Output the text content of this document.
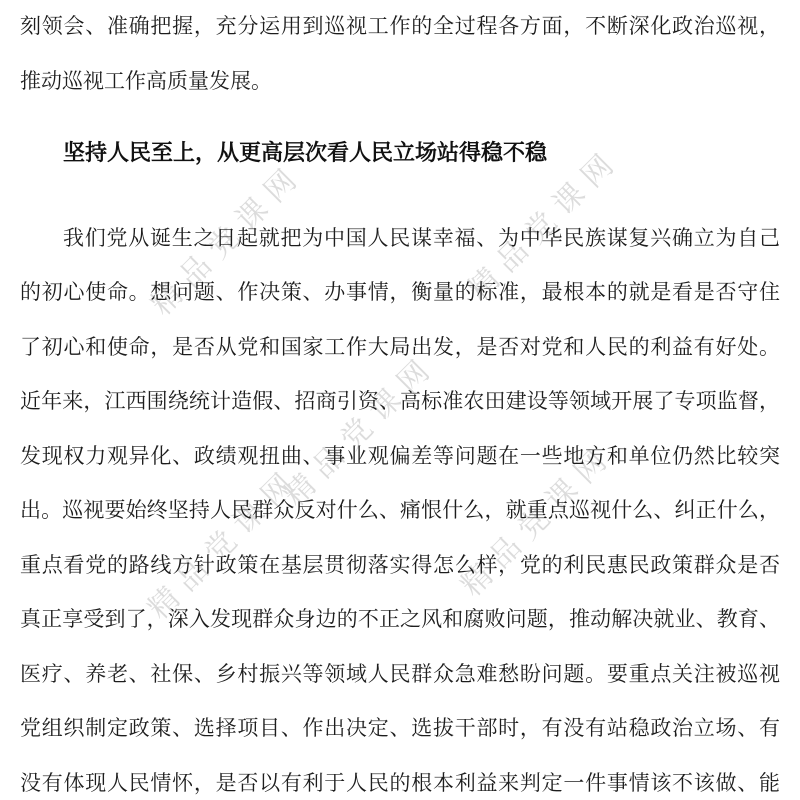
精品党课网	精品党课网
精品党课网
精品党课网	精品党课网
刻领会、准确把握，充分运用到巡视工作的全过程各方面，不断深化政治巡视，
推动巡视工作高质量发展。
坚持人民至上，从更高层次看人民立场站得稳不稳
我们党从诞生之日起就把为中国人民谋幸福、为中华民族谋复兴确立为自己
的初心使命。想问题、作决策、办事情，衡量的标准，最根本的就是看是否守住
了初心和使命，是否从党和国家工作大局出发，是否对党和人民的利益有好处。
近年来，江西围绕统计造假、招商引资、高标准农田建设等领域开展了专项监督，
发现权力观异化、政绩观扭曲、事业观偏差等问题在一些地方和单位仍然比较突
出。巡视要始终坚持人民群众反对什么、痛恨什么，就重点巡视什么、纠正什么，
重点看党的路线方针政策在基层贯彻落实得怎么样，党的利民惠民政策群众是否
真正享受到了，深入发现群众身边的不正之风和腐败问题，推动解决就业、教育、
医疗、养老、社保、乡村振兴等领域人民群众急难愁盼问题。要重点关注被巡视
党组织制定政策、选择项目、作出决定、选拔干部时，有没有站稳政治立场、有
没有体现人民情怀，是否以有利于人民的根本利益来判定一件事情该不该做、能
